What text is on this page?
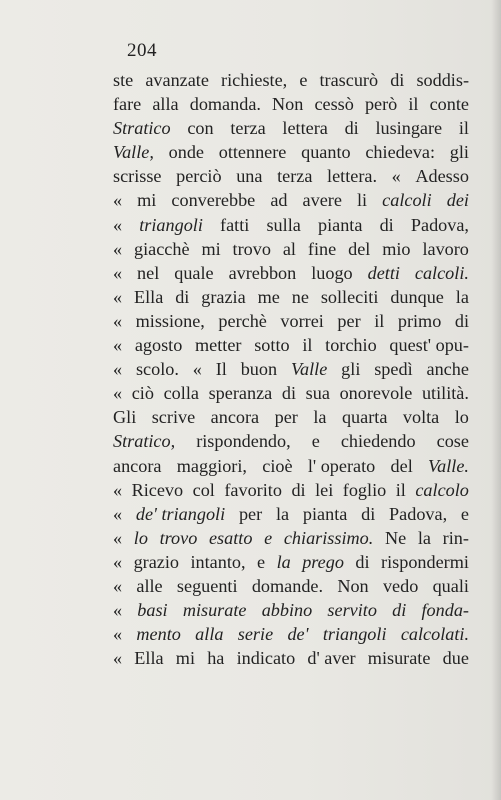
204
ste avanzate richieste, e trascurò di soddis-
fare alla domanda. Non cessò però il conte
Stratico con terza lettera di lusingare il
Valle, onde ottennere quanto chiedeva: gli
scrisse perciò una terza lettera. « Adesso
« mi converebbe ad avere li calcoli dei
« triangoli fatti sulla pianta di Padova,
« giacchè mi trovo al fine del mio lavoro
« nel quale avrebbon luogo detti calcoli.
« Ella di grazia me ne solleciti dunque la
« missione, perchè vorrei per il primo di
« agosto metter sotto il torchio quest' opu-
« scolo. « Il buon Valle gli spedì anche
« ciò colla speranza di sua onorevole utilità.
Gli scrive ancora per la quarta volta lo
Stratico, rispondendo, e chiedendo cose
ancora maggiori, cioè l' operato del Valle.
« Ricevo col favorito di lei foglio il calcolo
« de' triangoli per la pianta di Padova, e
« lo trovo esatto e chiarissimo. Ne la rin-
« grazio intanto, e la prego di rispondermi
« alle seguenti domande. Non vedo quali
« basi misurate abbino servito di fonda-
« mento alla serie de' triangoli calcolati.
« Ella mi ha indicato d' aver misurate due
